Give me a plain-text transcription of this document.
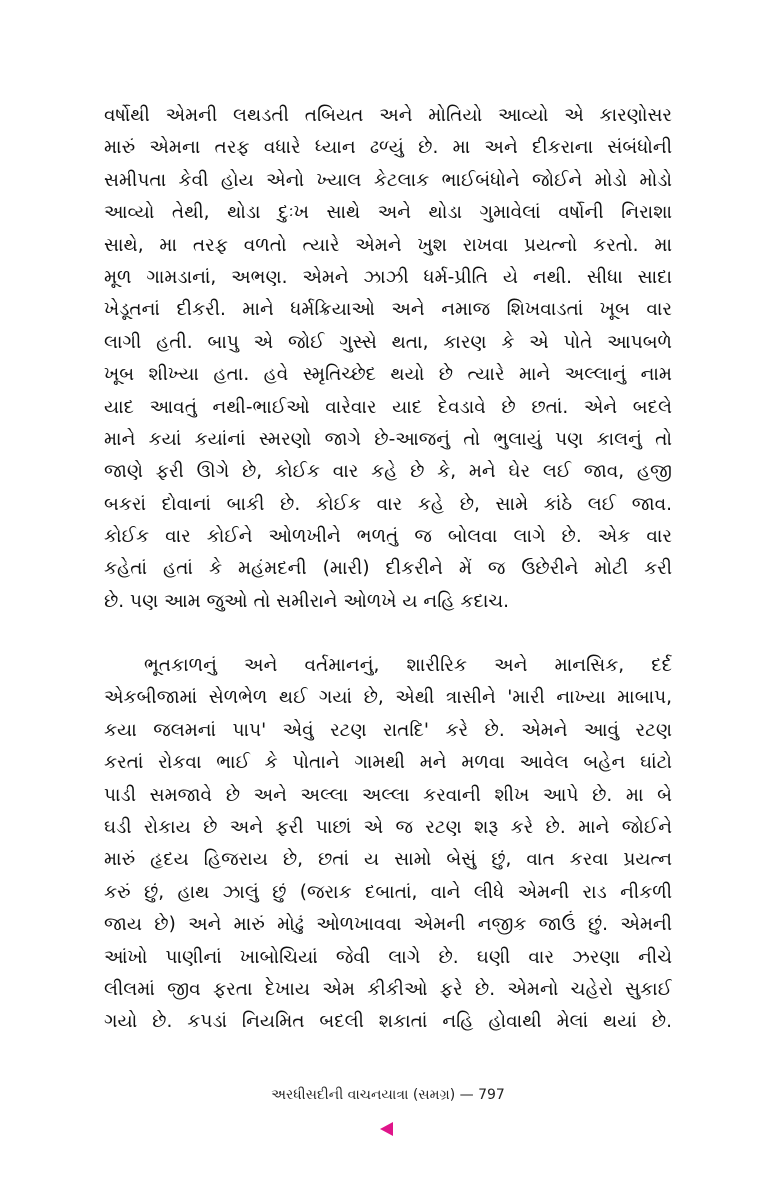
વર્ષોથી એમની લથડતી તબિયત અને મોતિયો આવ્યો એ કારણોસર
મારું એમના તરફ વધારે ધ્યાન ઢળ્યું છે. મા અને દીકરાના સંબંધોની
સમીપતા કેવી હોય એનો ખ્યાલ કેટલાક ભાઈબંધોને જોઈને મોડો મોડો
આવ્યો તેથી, થોડા દુઃખ સાથે અને થોડા ગુમાવેલાં વર્ષોની નિરાશા
સાથે, મા તરફ વળતો ત્યારે એમને ખુશ રાખવા પ્રયત્નો કરતો. મા
મૂળ ગામડાનાં, અભણ. એમને ઝાઝી ધર્મ-પ્રીતિ યે નથી. સીધા સાદા
ખેડૂતનાં દીકરી. માને ધર્મક્રિયાઓ અને નમાજ શિખવાડતાં ખૂબ વાર
લાગી હતી. બાપુ એ જોઈ ગુસ્સે થતા, કારણ કે એ પોતે આપબળે
ખૂબ શીખ્યા હતા. હવે સ્મૃતિચ્છેદ થયો છે ત્યારે માને અલ્લાનું નામ
યાદ આવતું નથી-ભાઈઓ વારેવાર યાદ દેવડાવે છે છતાં. એને બદલે
માને કયાં કયાંનાં સ્મરણો જાગે છે-આજનું તો ભુલાયું પણ કાલનું તો
જાણે ફરી ઊગે છે, કોઈક વાર કહે છે કે, મને ઘેર લઈ જાવ, હજી
બકરાં દોવાનાં બાકી છે. કોઈક વાર કહે છે, સામે કાંઠે લઈ જાવ.
કોઈક વાર કોઈને ઓળખીને ભળતું જ બોલવા લાગે છે. એક વાર
કહેતાં હતાં કે મહંમદની (મારી) દીકરીને મેં જ ઉછેરીને મોટી કરી
છે. પણ આમ જુઓ તો સમીરાને ઓળખે ય નહિ કદાચ.
ભૂતકાળનું અને વર્તમાનનું, શારીરિક અને માનસિક, દર્દ
એકબીજામાં સેળભેળ થઈ ગયાં છે, એથી ત્રાસીને 'મારી નાખ્યા માબાપ,
કયા જલમનાં પાપ' એવું રટણ રાતદિ' કરે છે. એમને આવું રટણ
કરતાં રોકવા ભાઈ કે પોતાને ગામથી મને મળવા આવેલ બહેન ઘાંટો
પાડી સમજાવે છે અને અલ્લા અલ્લા કરવાની શીખ આપે છે. મા બે
ઘડી રોકાય છે અને ફરી પાછાં એ જ રટણ શરૂ કરે છે. માને જોઈને
મારું હૃદય હિજરાય છે, છતાં ય સામો બેસું છું, વાત કરવા પ્રયત્ન
કરું છું, હાથ ઝાલું છું (જરાક દબાતાં, વાને લીધે એમની રાડ નીકળી
જાય છે) અને મારું મોઢું ઓળખાવવા એમની નજીક જાઉં છું. એમની
આંખો પાણીનાં ખાબોચિયાં જેવી લાગે છે. ઘણી વાર ઝરણા નીચે
લીલમાં જીવ ફરતા દેખાય એમ કીકીઓ ફરે છે. એમનો ચહેરો સુકાઈ
ગયો છે. કપડાં નિયમિત બદલી શકાતાં નહિ હોવાથી મેલાં થયાં છે.
અરધીસદીની વાચનયાત્રા (સમગ્ર) — 797
